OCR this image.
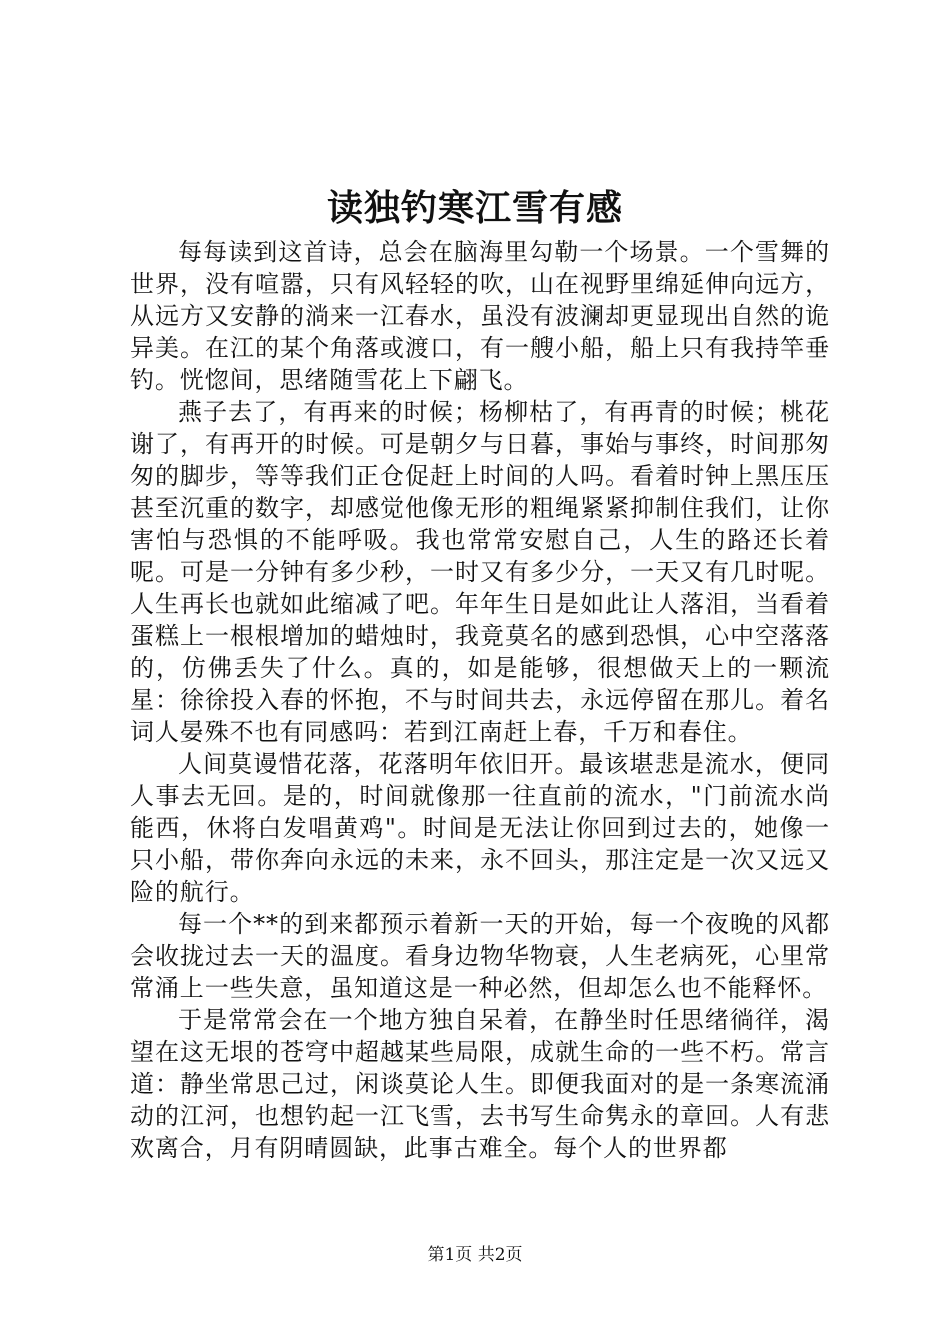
读独钓寒江雪有感

每每读到这首诗，总会在脑海里勾勒一个场景。一个雪舞的世界，没有喧嚣，只有风轻轻的吹，山在视野里绵延伸向远方，从远方又安静的淌来一江春水，虽没有波澜却更显现出自然的诡异美。在江的某个角落或渡口，有一艘小船，船上只有我持竿垂钓。恍惚间，思绪随雪花上下翩飞。

燕子去了，有再来的时候；杨柳枯了，有再青的时候；桃花谢了，有再开的时候。可是朝夕与日暮，事始与事终，时间那匆匆的脚步，等等我们正仓促赶上时间的人吗。看着时钟上黑压压甚至沉重的数字，却感觉他像无形的粗绳紧紧抑制住我们，让你害怕与恐惧的不能呼吸。我也常常安慰自己，人生的路还长着呢。可是一分钟有多少秒，一时又有多少分，一天又有几时呢。人生再长也就如此缩减了吧。年年生日是如此让人落泪，当看着蛋糕上一根根增加的蜡烛时，我竟莫名的感到恐惧，心中空落落的，仿佛丢失了什么。真的，如是能够，很想做天上的一颗流星：徐徐投入春的怀抱，不与时间共去，永远停留在那儿。着名词人晏殊不也有同感吗：若到江南赶上春，千万和春住。

人间莫谩惜花落，花落明年依旧开。最该堪悲是流水，便同人事去无回。是的，时间就像那一往直前的流水，"门前流水尚能西，休将白发唱黄鸡"。时间是无法让你回到过去的，她像一只小船，带你奔向永远的未来，永不回头，那注定是一次又远又险的航行。

每一个**的到来都预示着新一天的开始，每一个夜晚的风都会收拢过去一天的温度。看身边物华物衰，人生老病死，心里常常涌上一些失意，虽知道这是一种必然，但却怎么也不能释怀。

于是常常会在一个地方独自呆着，在静坐时任思绪徜徉，渴望在这无垠的苍穹中超越某些局限，成就生命的一些不朽。常言道：静坐常思己过，闲谈莫论人生。即便我面对的是一条寒流涌动的江河，也想钓起一江飞雪，去书写生命隽永的章回。人有悲欢离合，月有阴晴圆缺，此事古难全。每个人的世界都

第1页 共2页
